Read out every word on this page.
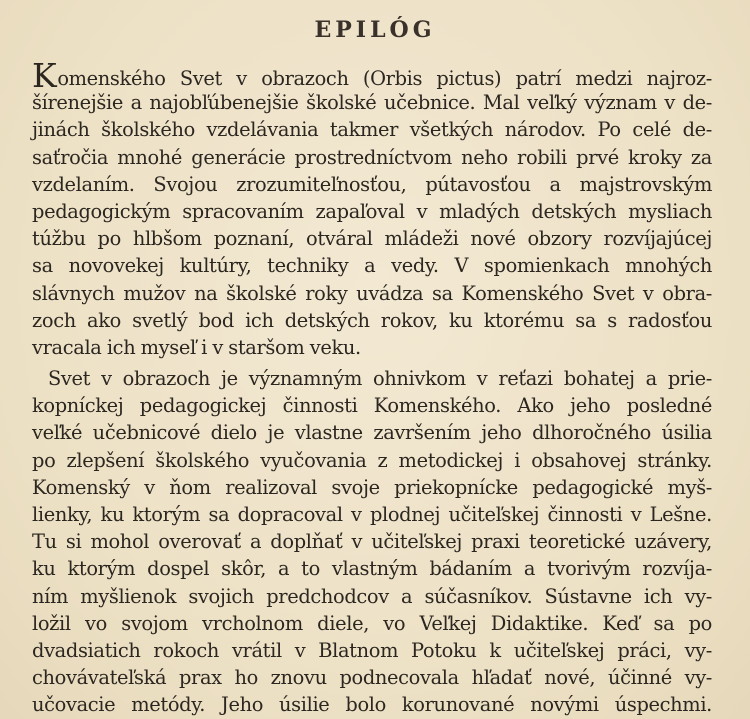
EPILÓG
Komenského Svet v obrazoch (Orbis pictus) patrí medzi najroz-
šírenejšie a najobľúbenejšie školské učebnice. Mal veľký význam v de-
jinách školského vzdelávania takmer všetkých národov. Po celé de-
saťročia mnohé generácie prostredníctvom neho robili prvé kroky za
vzdelaním. Svojou zrozumiteľnosťou, pútavosťou a majstrovským
pedagogickým spracovaním zapaľoval v mladých detských mysliach
túžbu po hlbšom poznaní, otváral mládeži nové obzory rozvíjajúcej
sa novovekej kultúry, techniky a vedy. V spomienkach mnohých
slávnych mužov na školské roky uvádza sa Komenského Svet v obra-
zoch ako svetlý bod ich detských rokov, ku ktorému sa s radosťou
vracala ich myseľ i v staršom veku.
Svet v obrazoch je významným ohnivkom v reťazi bohatej a prie-
kopníckej pedagogickej činnosti Komenského. Ako jeho posledné
veľké učebnicové dielo je vlastne završením jeho dlhoročného úsilia
po zlepšení školského vyučovania z metodickej i obsahovej stránky.
Komenský v ňom realizoval svoje priekopnícke pedagogické myš-
lienky, ku ktorým sa dopracoval v plodnej učiteľskej činnosti v Lešne.
Tu si mohol overovať a doplňať v učiteľskej praxi teoretické uzávery,
ku ktorým dospel skôr, a to vlastným bádaním a tvorivým rozvíja-
ním myšlienok svojich predchodcov a súčasníkov. Sústavne ich vy-
ložil vo svojom vrcholnom diele, vo Veľkej Didaktike. Keď sa po
dvadsiatich rokoch vrátil v Blatnom Potoku k učiteľskej práci, vy-
chovávateľská prax ho znovu podnecovala hľadať nové, účinné vy-
učovacie metódy. Jeho úsilie bolo korunované novými úspechmi.
